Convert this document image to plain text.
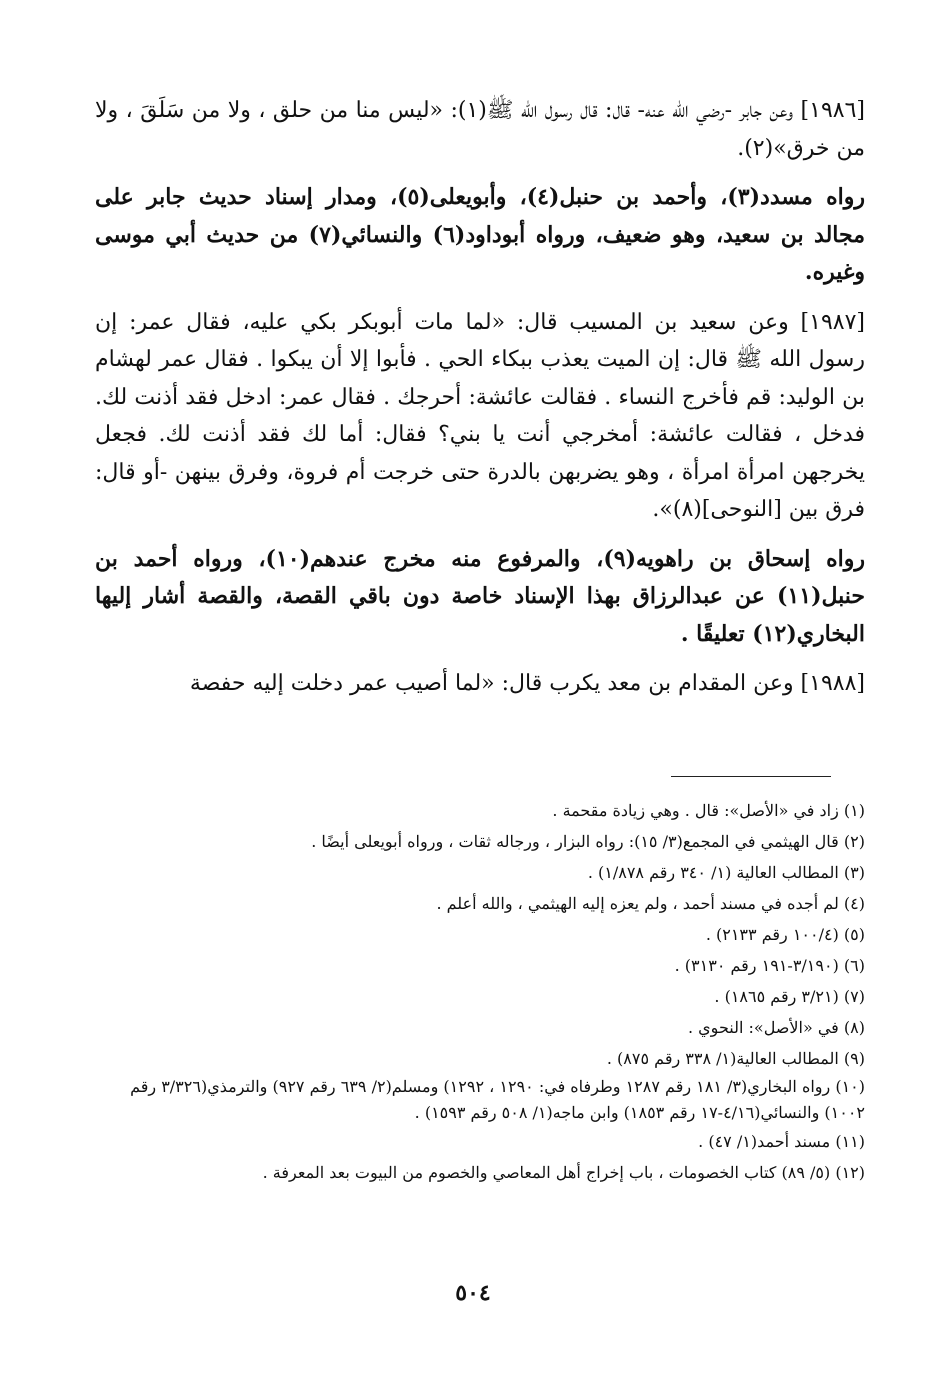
[١٩٨٦] وعن جابر -رضي الله عنه- قال: قال رسول الله ﷺ(١): «ليس منا من حلق ، ولا من سَلَقَ ، ولا من خرق»(٢).

رواه مسدد(٣)، وأحمد بن حنبل(٤)، وأبويعلى(٥)، ومدار إسناد حديث جابر على مجالد بن سعيد، وهو ضعيف، ورواه أبوداود(٦) والنسائي(٧) من حديث أبي موسى وغيره.

[١٩٨٧] وعن سعيد بن المسيب قال: «لما مات أبوبكر بكي عليه، فقال عمر: إن رسول الله ﷺ قال: إن الميت يعذب ببكاء الحي . فأبوا إلا أن يبكوا . فقال عمر لهشام بن الوليد: قم فأخرج النساء . فقالت عائشة: أحرجك . فقال عمر: ادخل فقد أذنت لك. فدخل ، فقالت عائشة: أمخرجي أنت يا بني؟ فقال: أما لك فقد أذنت لك. فجعل يخرجهن امرأة امرأة ، وهو يضربهن بالدرة حتى خرجت أم فروة، وفرق بينهن -أو قال: فرق بين [النوحى](٨)».

رواه إسحاق بن راهويه(٩)، والمرفوع منه مخرج عندهم(١٠)، ورواه أحمد بن حنبل(١١) عن عبدالرزاق بهذا الإسناد خاصة دون باقي القصة، والقصة أشار إليها البخاري(١٢) تعليقًا .

[١٩٨٨] وعن المقدام بن معد يكرب قال: «لما أصيب عمر دخلت إليه حفصة

(١) زاد في «الأصل»: قال . وهي زيادة مقحمة .
(٢) قال الهيثمي في المجمع(٣/ ١٥): رواه البزار ، ورجاله ثقات ، ورواه أبويعلى أيضًا .
(٣) المطالب العالية (١/ ٣٤٠ رقم ١/٨٧٨) .
(٤) لم أجده في مسند أحمد ، ولم يعزه إليه الهيثمي ، والله أعلم .
(٥) (١٠٠/٤ رقم ٢١٣٣) .
(٦) (٣/١٩٠-١٩١ رقم ٣١٣٠) .
(٧) (٣/٢١ رقم ١٨٦٥) .
(٨) في «الأصل»: النحوي .
(٩) المطالب العالية(١/ ٣٣٨ رقم ٨٧٥) .
(١٠) رواه البخاري(٣/ ١٨١ رقم ١٢٨٧ وطرفاه في: ١٢٩٠ ، ١٢٩٢) ومسلم(٢/ ٦٣٩ رقم ٩٢٧) والترمذي(٣/٣٢٦ رقم ١٠٠٢) والنسائي(٤/١٦-١٧ رقم ١٨٥٣) وابن ماجه(١/ ٥٠٨ رقم ١٥٩٣) .
(١١) مسند أحمد(١/ ٤٧) .
(١٢) (٥/ ٨٩) كتاب الخصومات ، باب إخراج أهل المعاصي والخصوم من البيوت بعد المعرفة .
٥٠٤
